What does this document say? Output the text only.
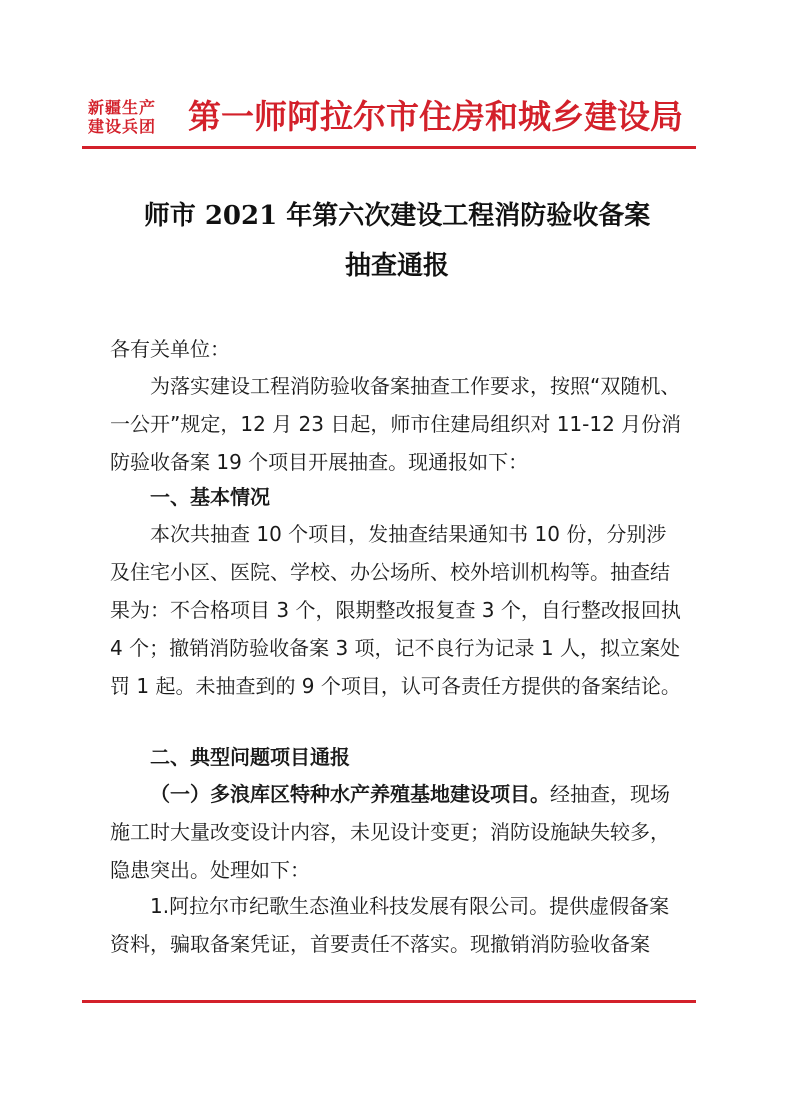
新疆生产
建设兵团 第一师阿拉尔市住房和城乡建设局
师市 2021 年第六次建设工程消防验收备案
抽查通报
各有关单位：
为落实建设工程消防验收备案抽查工作要求，按照“双随机、一公开”规定，12 月 23 日起，师市住建局组织对 11-12 月份消防验收备案 19 个项目开展抽查。现通报如下：
一、基本情况
本次共抽查 10 个项目，发抽查结果通知书 10 份，分别涉及住宅小区、医院、学校、办公场所、校外培训机构等。抽查结果为：不合格项目 3 个，限期整改报复查 3 个，自行整改报回执 4 个；撤销消防验收备案 3 项，记不良行为记录 1 人，拟立案处罚 1 起。未抽查到的 9 个项目，认可各责任方提供的备案结论。
二、典型问题项目通报
（一）多浪库区特种水产养殖基地建设项目。经抽查，现场施工时大量改变设计内容，未见设计变更；消防设施缺失较多，隐患突出。处理如下：
1.阿拉尔市纪歌生态渔业科技发展有限公司。提供虚假备案资料，骗取备案凭证，首要责任不落实。现撤销消防验收备案
